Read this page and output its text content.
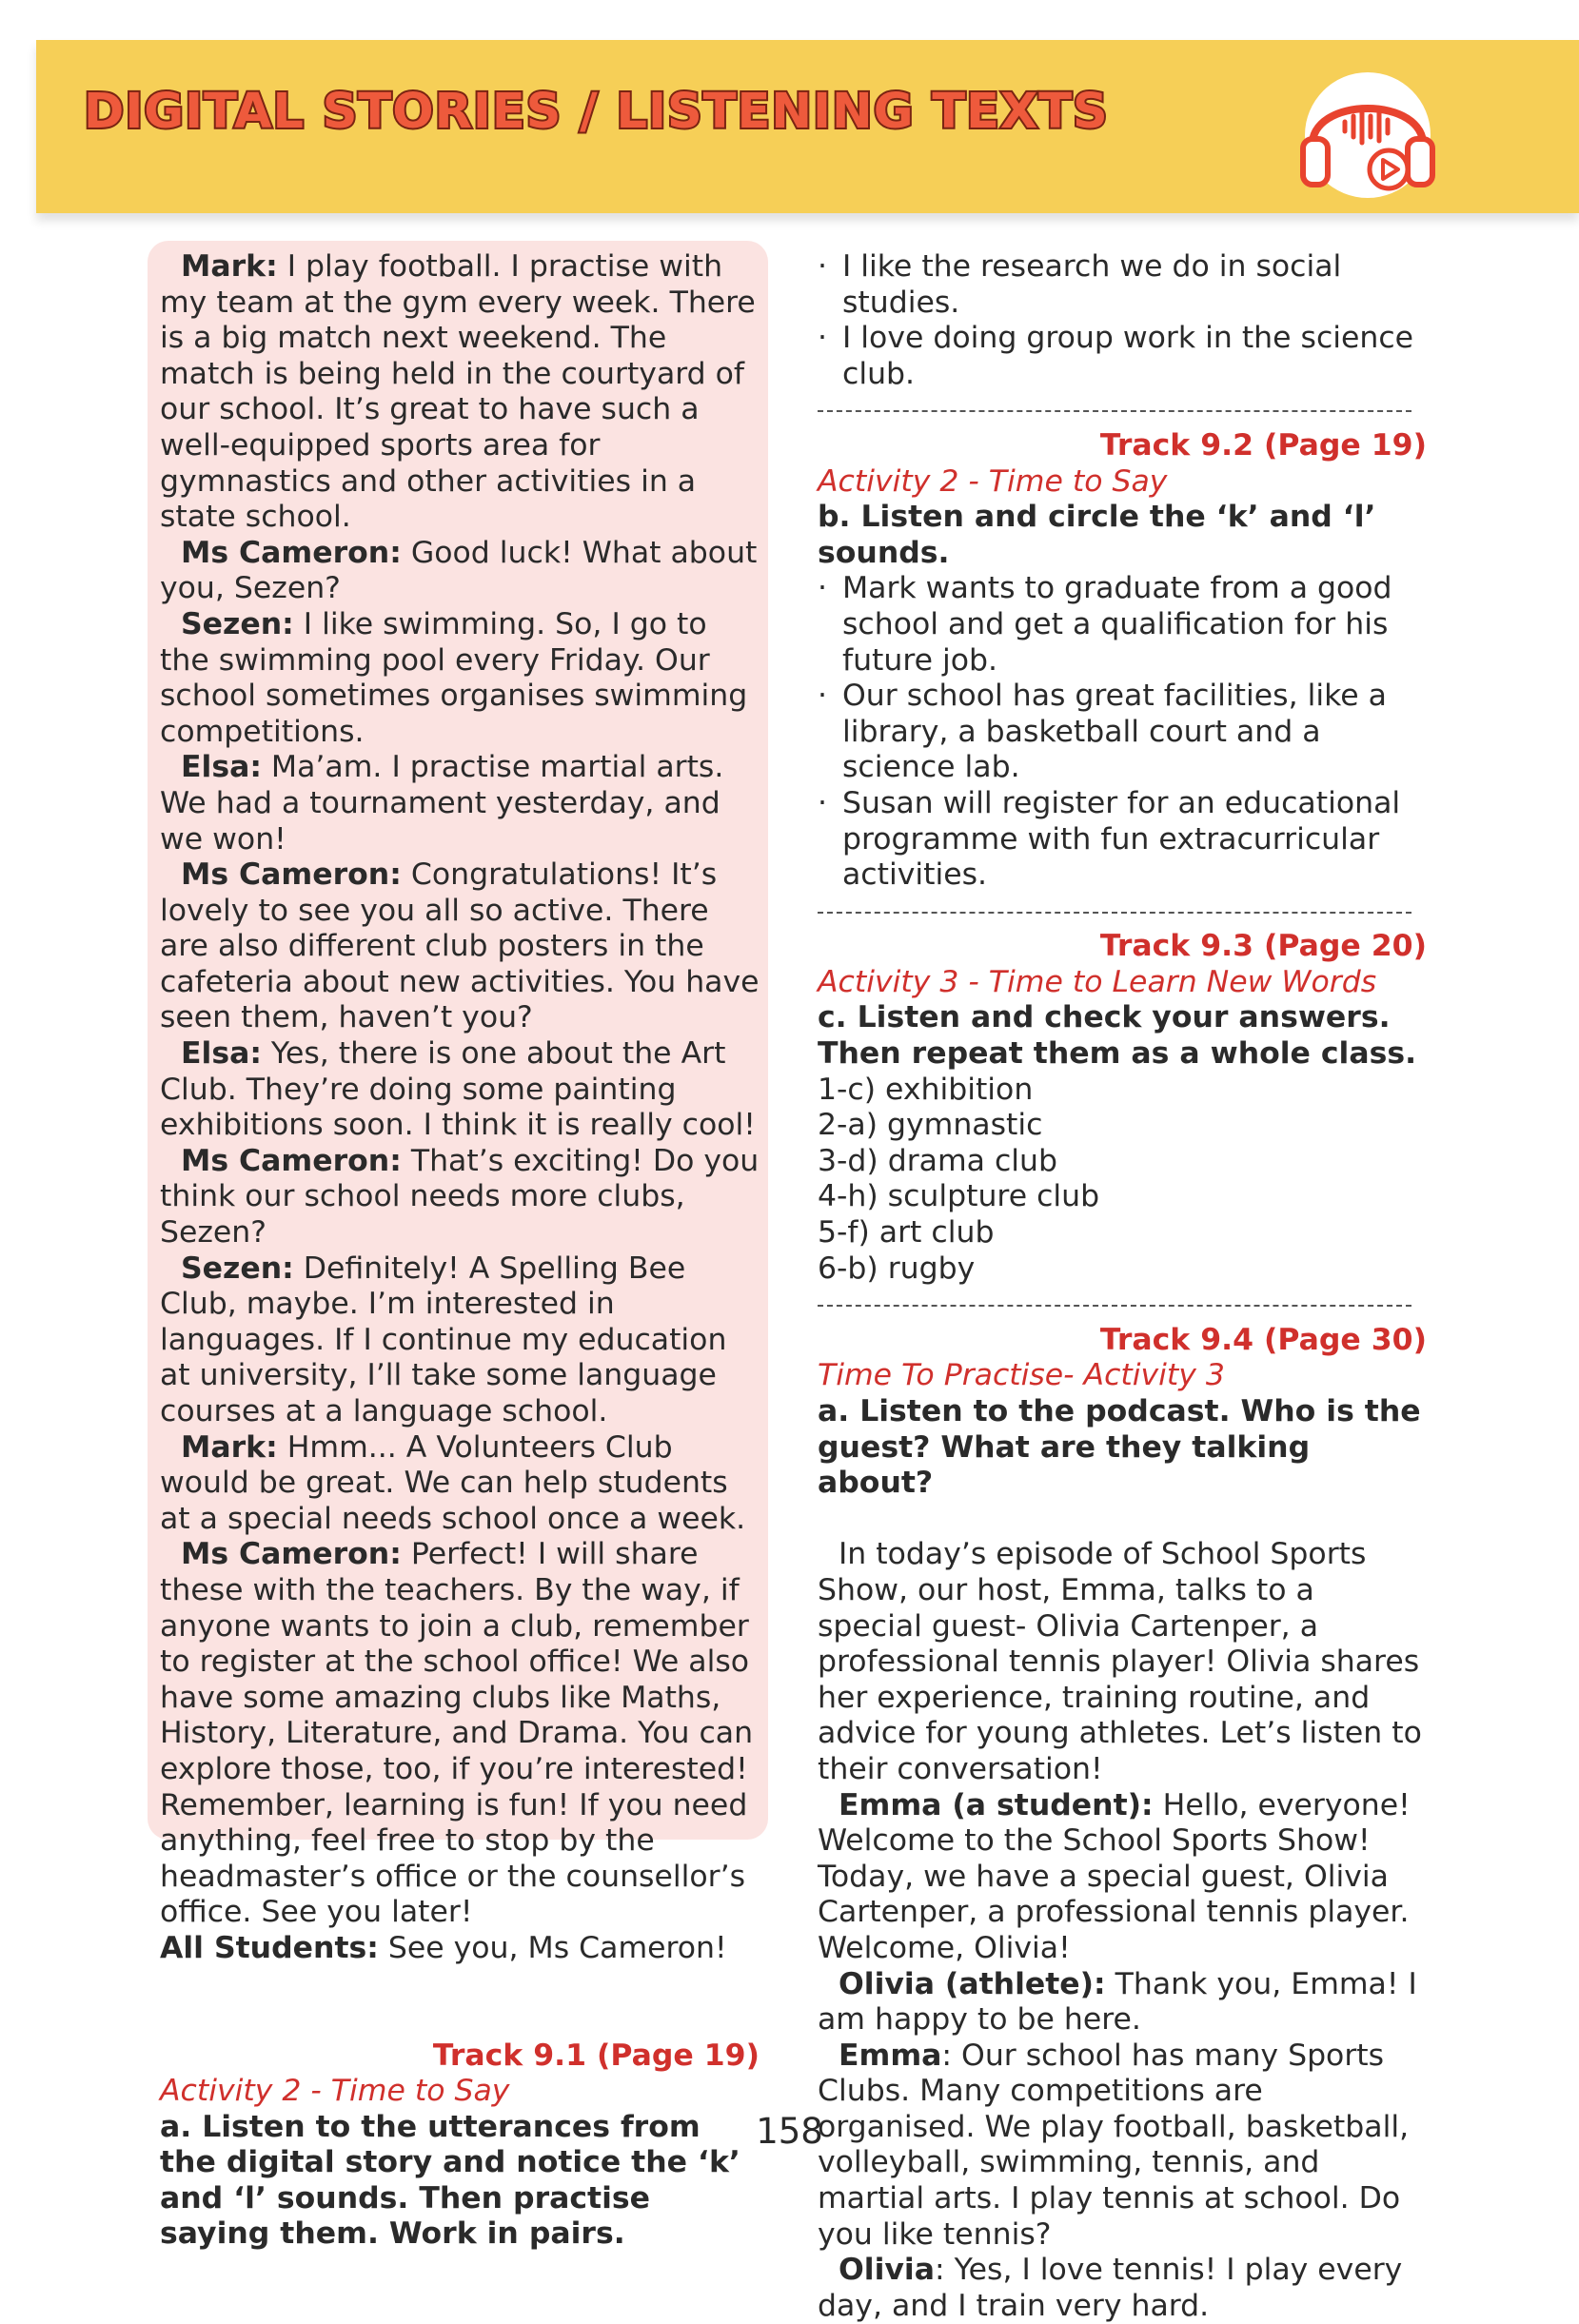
DIGITAL STORIES / LISTENING TEXTS

Mark: I play football. I practise with my team at the gym every week. There is a big match next weekend. The match is being held in the courtyard of our school. It’s great to have such a well-equipped sports area for gymnastics and other activities in a state school.

Ms Cameron: Good luck! What about you, Sezen?

Sezen: I like swimming. So, I go to the swimming pool every Friday. Our school sometimes organises swimming competitions.

Elsa: Ma’am. I practise martial arts. We had a tournament yesterday, and we won!

Ms Cameron: Congratulations! It’s lovely to see you all so active. There are also different club posters in the cafeteria about new activities. You have seen them, haven’t you?

Elsa: Yes, there is one about the Art Club. They’re doing some painting exhibitions soon. I think it is really cool!

Ms Cameron: That’s exciting! Do you think our school needs more clubs, Sezen?

Sezen: Definitely! A Spelling Bee Club, maybe. I’m interested in languages. If I continue my education at university, I’ll take some language courses at a language school.

Mark: Hmm... A Volunteers Club would be great. We can help students at a special needs school once a week.

Ms Cameron: Perfect! I will share these with the teachers. By the way, if anyone wants to join a club, remember to register at the school office! We also have some amazing clubs like Maths, History, Literature, and Drama. You can explore those, too, if you’re interested! Remember, learning is fun! If you need anything, feel free to stop by the headmaster’s office or the counsellor’s office. See you later!

All Students: See you, Ms Cameron!

Track 9.1 (Page 19)

Activity 2 - Time to Say

a. Listen to the utterances from the digital story and notice the ‘k’ and ‘l’ sounds. Then practise saying them. Work in pairs.

· I like the research we do in social studies.
· I love doing group work in the science club.

Track 9.2 (Page 19)

Activity 2 - Time to Say

b. Listen and circle the ‘k’ and ‘l’ sounds.

· Mark wants to graduate from a good school and get a qualification for his future job.
· Our school has great facilities, like a library, a basketball court and a science lab.
· Susan will register for an educational programme with fun extracurricular activities.

Track 9.3 (Page 20)

Activity 3 - Time to Learn New Words

c. Listen and check your answers. Then repeat them as a whole class.

1-c) exhibition

2-a) gymnastic

3-d) drama club

4-h) sculpture club

5-f) art club

6-b) rugby

Track 9.4 (Page 30)

Time To Practise- Activity 3

a. Listen to the podcast. Who is the guest? What are they talking about?

In today’s episode of School Sports Show, our host, Emma, talks to a special guest- Olivia Cartenper, a professional tennis player! Olivia shares her experience, training routine, and advice for young athletes. Let’s listen to their conversation!

Emma (a student): Hello, everyone! Welcome to the School Sports Show! Today, we have a special guest, Olivia Cartenper, a professional tennis player. Welcome, Olivia!

Olivia (athlete): Thank you, Emma! I am happy to be here.

Emma: Our school has many Sports Clubs. Many competitions are organised. We play football, basketball, volleyball, swimming, tennis, and martial arts. I play tennis at school. Do you like tennis?

Olivia: Yes, I love tennis! I play every day, and I train very hard.

158
